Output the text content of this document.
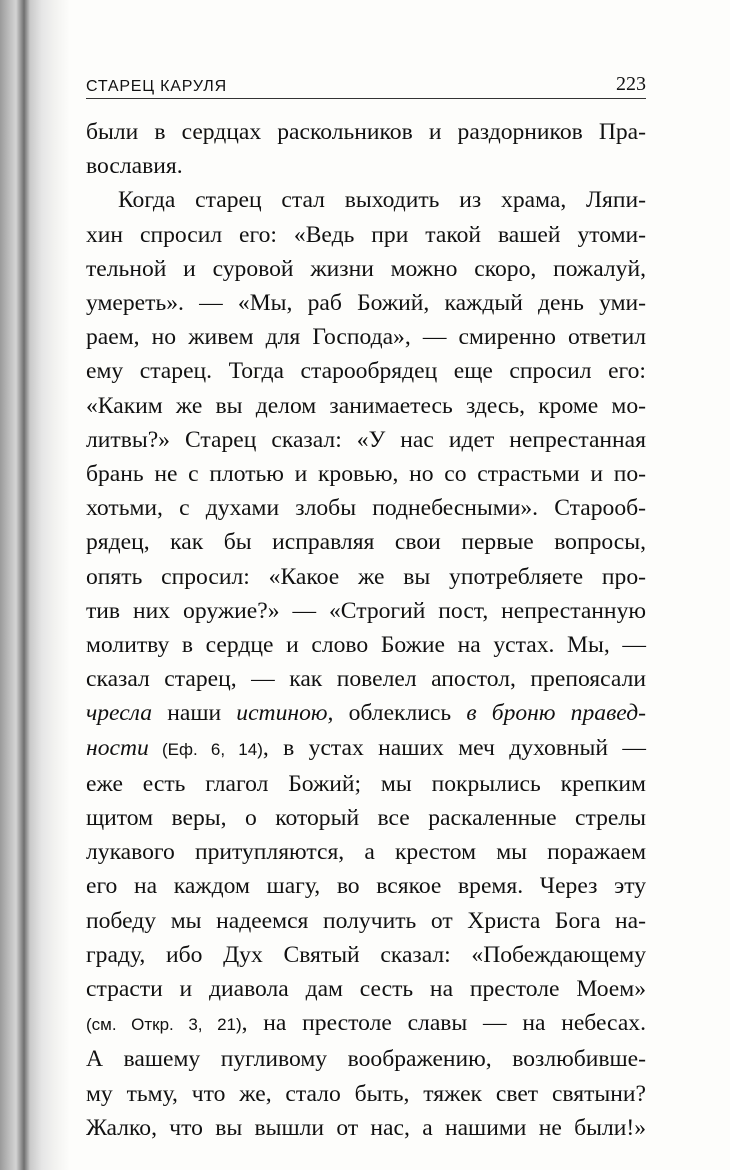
СТАРЕЦ КАРУЛЯ	223
были в сердцах раскольников и раздорников Пра-
вославия.
Когда старец стал выходить из храма, Ляпи-
хин спросил его: «Ведь при такой вашей утоми-
тельной и суровой жизни можно скоро, пожалуй,
умереть». — «Мы, раб Божий, каждый день уми-
раем, но живем для Господа», — смиренно ответил
ему старец. Тогда старообрядец еще спросил его:
«Каким же вы делом занимаетесь здесь, кроме мо-
литвы?» Старец сказал: «У нас идет непрестанная
брань не с плотью и кровью, но со страстьми и по-
хотьми, с духами злобы поднебесными». Старооб-
рядец, как бы исправляя свои первые вопросы,
опять спросил: «Какое же вы употребляете про-
тив них оружие?» — «Строгий пост, непрестанную
молитву в сердце и слово Божие на устах. Мы, —
сказал старец, — как повелел апостол, препоясали
чресла наши истиною, облеклись в броню правед-
ности (Еф. 6, 14), в устах наших меч духовный —
еже есть глагол Божий; мы покрылись крепким
щитом веры, о который все раскаленные стрелы
лукавого притупляются, а крестом мы поражаем
его на каждом шагу, во всякое время. Через эту
победу мы надеемся получить от Христа Бога на-
граду, ибо Дух Святый сказал: «Побеждающему
страсти и диавола дам сесть на престоле Моем»
(см. Откр. 3, 21), на престоле славы — на небесах.
А вашему пугливому воображению, возлюбивше-
му тьму, что же, стало быть, тяжек свет святыни?
Жалко, что вы вышли от нас, а нашими не были!»
